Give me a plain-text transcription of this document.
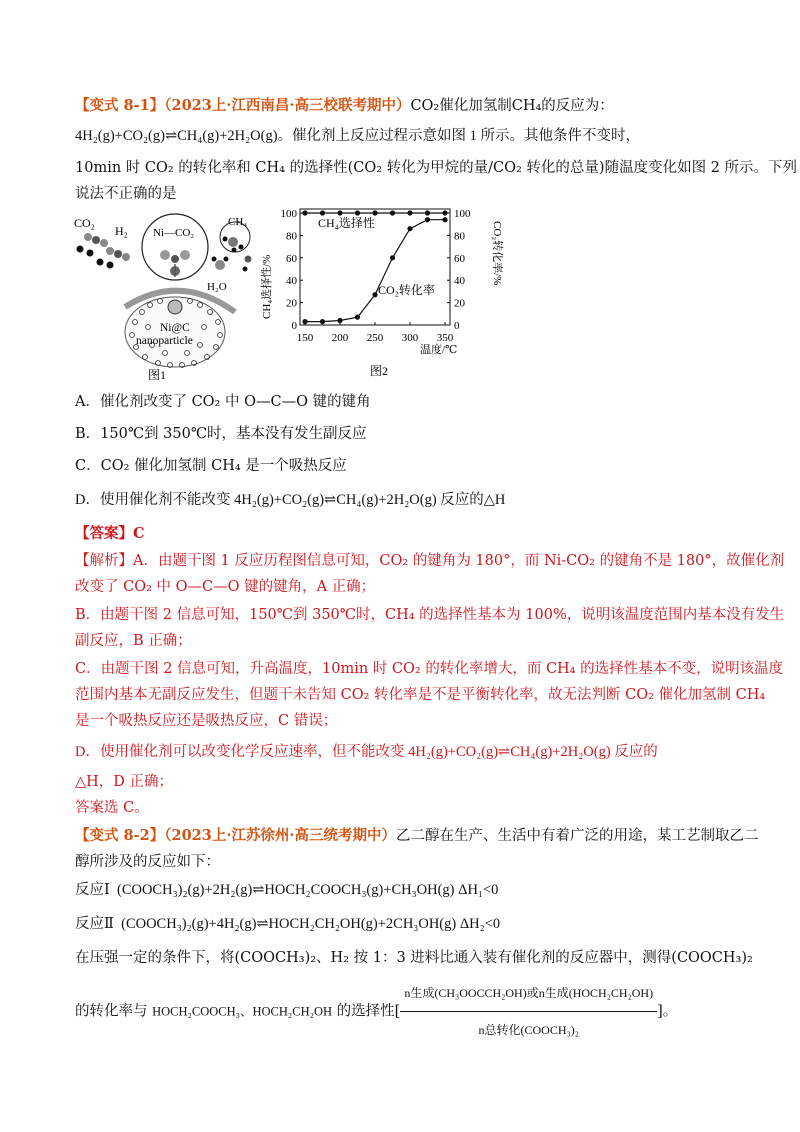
【变式 8-1】（2023上·江西南昌·高三校联考期中）CO₂催化加氢制CH₄的反应为：
4H₂(g)+CO₂(g)⇌CH₄(g)+2H₂O(g)。催化剂上反应过程示意如图 1 所示。其他条件不变时，
10min 时 CO₂ 的转化率和 CH₄ 的选择性(CO₂ 转化为甲烷的量/CO₂ 转化的总量)随温度变化如图 2 所示。下列
说法不正确的是
CO₂
H₂ Ni—CO₂
CH₄
H₂O
Ni@C
nanoparticle
图1
0
20
40
60
80
100
0
20
40
60
80
100
150 200 250 300 350
CH₄选择性
CO₂转化率
CH₄选择性/%
CO₂转化率/%
温度/℃
图2
A．催化剂改变了 CO₂ 中 O—C—O 键的键角
B．150℃到 350℃时，基本没有发生副反应
C．CO₂ 催化加氢制 CH₄ 是一个吸热反应
D．使用催化剂不能改变 4H₂(g)+CO₂(g)⇌CH₄(g)+2H₂O(g) 反应的△H
【答案】C
【解析】A．由题干图 1 反应历程图信息可知，CO₂ 的键角为 180°，而 Ni-CO₂ 的键角不是 180°，故催化剂
改变了 CO₂ 中 O—C—O 键的键角，A 正确；
B．由题干图 2 信息可知，150℃到 350℃时，CH₄ 的选择性基本为 100%，说明该温度范围内基本没有发生
副反应，B 正确；
C．由题干图 2 信息可知，升高温度，10min 时 CO₂ 的转化率增大，而 CH₄ 的选择性基本不变，说明该温度
范围内基本无副反应发生，但题干未告知 CO₂ 转化率是不是平衡转化率，故无法判断 CO₂ 催化加氢制 CH₄
是一个吸热反应还是吸热反应，C 错误；
D．使用催化剂可以改变化学反应速率，但不能改变 4H₂(g)+CO₂(g)⇌CH₄(g)+2H₂O(g) 反应的
△H，D 正确；
答案选 C。
【变式 8-2】（2023上·江苏徐州·高三统考期中）乙二醇在生产、生活中有着广泛的用途，某工艺制取乙二
醇所涉及的反应如下：
反应Ⅰ (COOCH₃)₂(g)+2H₂(g)⇌HOCH₂COOCH₃(g)+CH₃OH(g) ΔH₁<0
反应Ⅱ (COOCH₃)₂(g)+4H₂(g)⇌HOCH₂CH₂OH(g)+2CH₃OH(g) ΔH₂<0
在压强一定的条件下，将(COOCH₃)₂、H₂ 按 1：3 进料比通入装有催化剂的反应器中，测得(COOCH₃)₂
的转化率与 HOCH₂COOCH₃、HOCH₂CH₂OH 的选择性[ $\frac{\text{n生成(CH₃OOCCH₂OH)或n生成(HOCH₂CH₂OH)}}{\text{n总转化(COOCH₃)₂}}$ ]。
